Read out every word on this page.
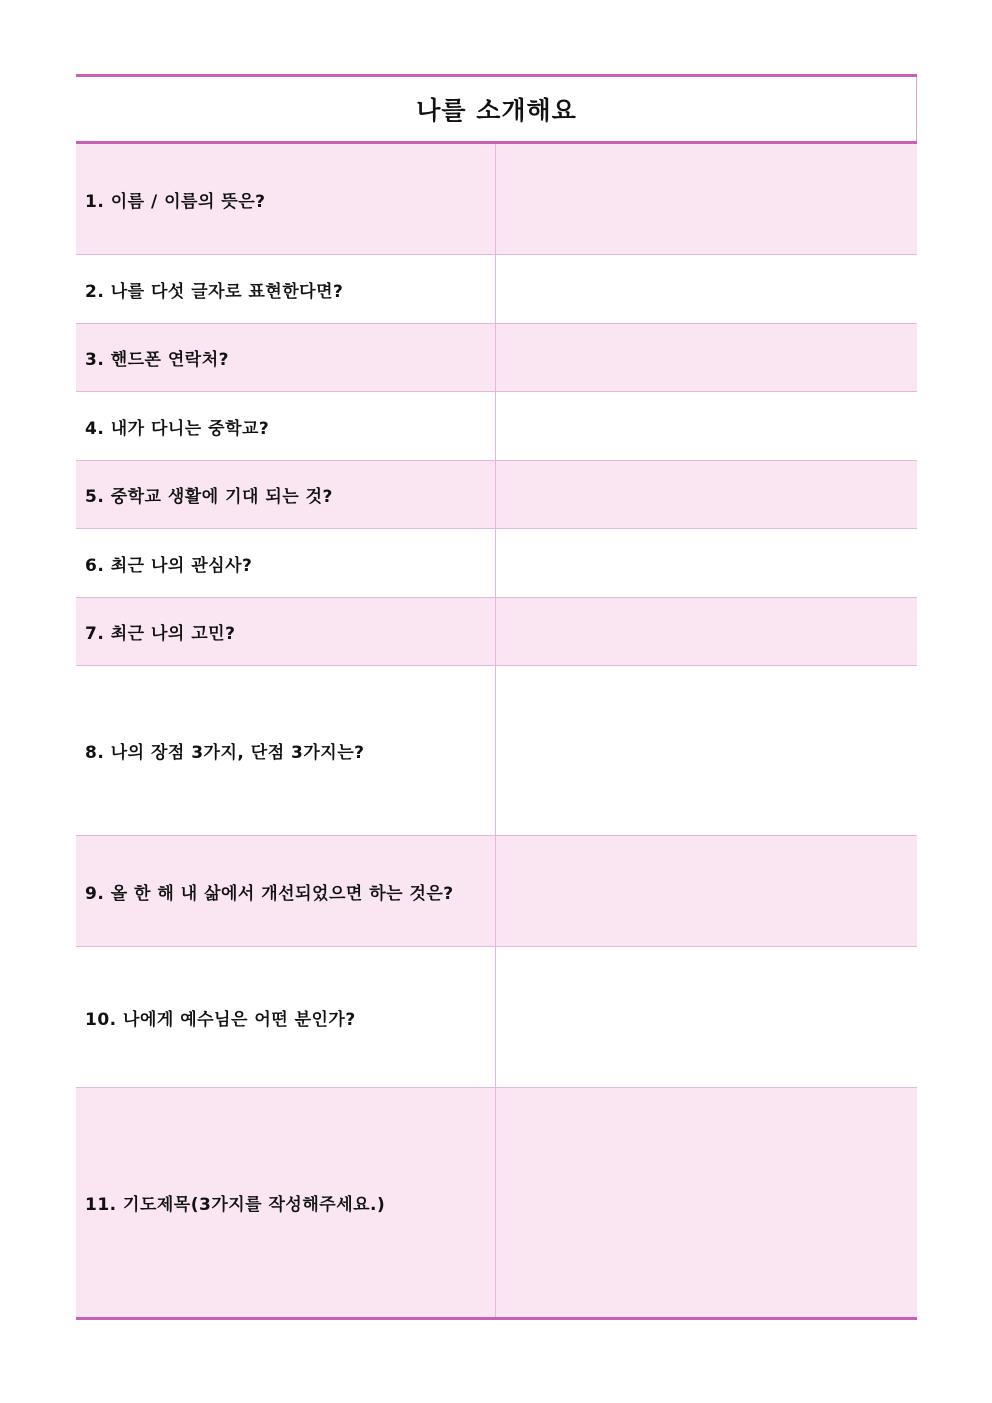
나를 소개해요
1. 이름 / 이름의 뜻은?
2. 나를 다섯 글자로 표현한다면?
3. 핸드폰 연락처?
4. 내가 다니는 중학교?
5. 중학교 생활에 기대 되는 것?
6. 최근 나의 관심사?
7. 최근 나의 고민?
8. 나의 장점 3가지, 단점 3가지는?
9. 올 한 해 내 삶에서 개선되었으면 하는 것은?
10. 나에게 예수님은 어떤 분인가?
11. 기도제목(3가지를 작성해주세요.)
